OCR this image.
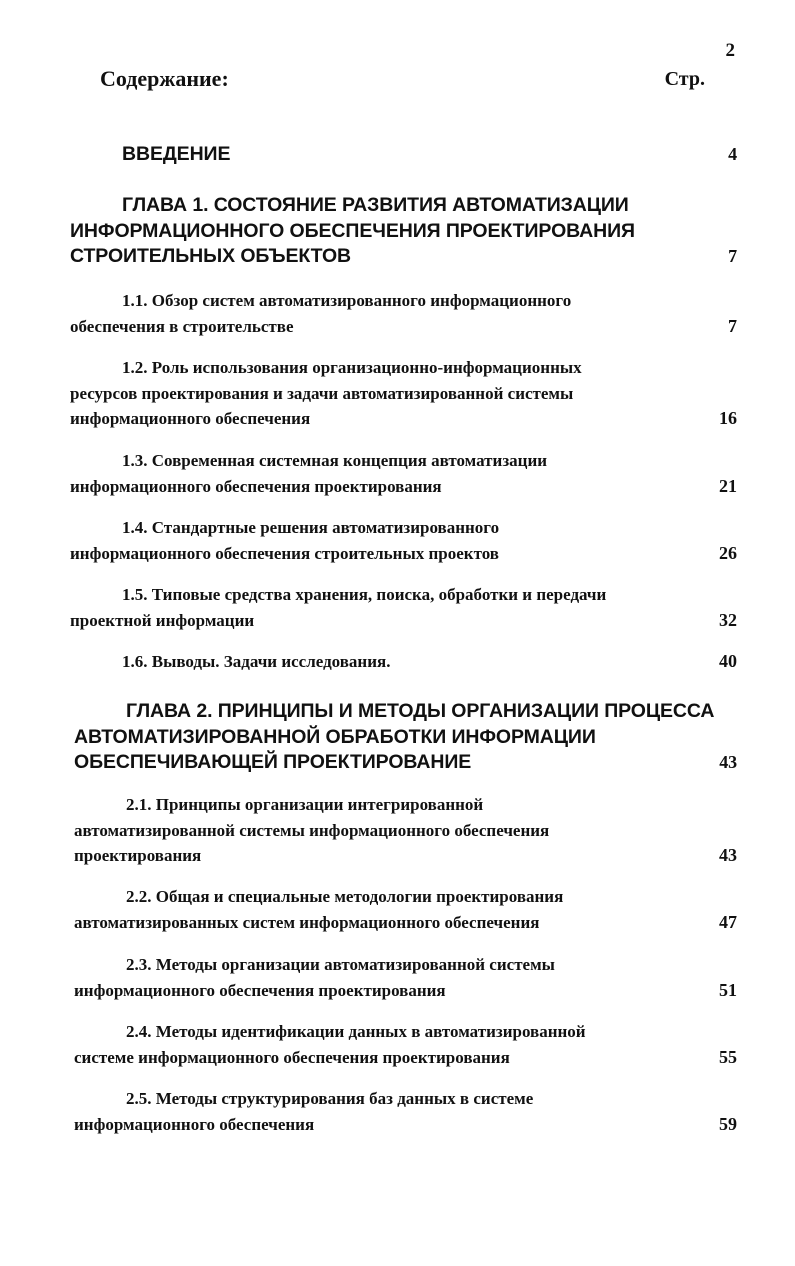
2
Содержание:	Стр.
ВВЕДЕНИЕ	4
ГЛАВА 1. СОСТОЯНИЕ РАЗВИТИЯ АВТОМАТИЗАЦИИ
ИНФОРМАЦИОННОГО ОБЕСПЕЧЕНИЯ ПРОЕКТИРОВАНИЯ
СТРОИТЕЛЬНЫХ ОБЪЕКТОВ	7
1.1. Обзор систем автоматизированного информационного
обеспечения в строительстве	7
1.2. Роль использования организационно-информационных
ресурсов проектирования и задачи автоматизированной системы
информационного обеспечения	16
1.3. Современная системная концепция автоматизации
информационного обеспечения проектирования	21
1.4. Стандартные решения автоматизированного
информационного обеспечения строительных проектов	26
1.5. Типовые средства хранения, поиска, обработки и передачи
проектной информации	32
1.6. Выводы. Задачи исследования.	40
ГЛАВА 2. ПРИНЦИПЫ И МЕТОДЫ ОРГАНИЗАЦИИ ПРОЦЕССА
АВТОМАТИЗИРОВАННОЙ ОБРАБОТКИ ИНФОРМАЦИИ
ОБЕСПЕЧИВАЮЩЕЙ ПРОЕКТИРОВАНИЕ	43
2.1. Принципы организации интегрированной
автоматизированной системы информационного обеспечения
проектирования	43
2.2. Общая и специальные методологии проектирования
автоматизированных систем информационного обеспечения	47
2.3. Методы организации автоматизированной системы
информационного обеспечения проектирования	51
2.4. Методы идентификации данных в автоматизированной
системе информационного обеспечения проектирования	55
2.5. Методы структурирования баз данных в системе
информационного обеспечения	59
